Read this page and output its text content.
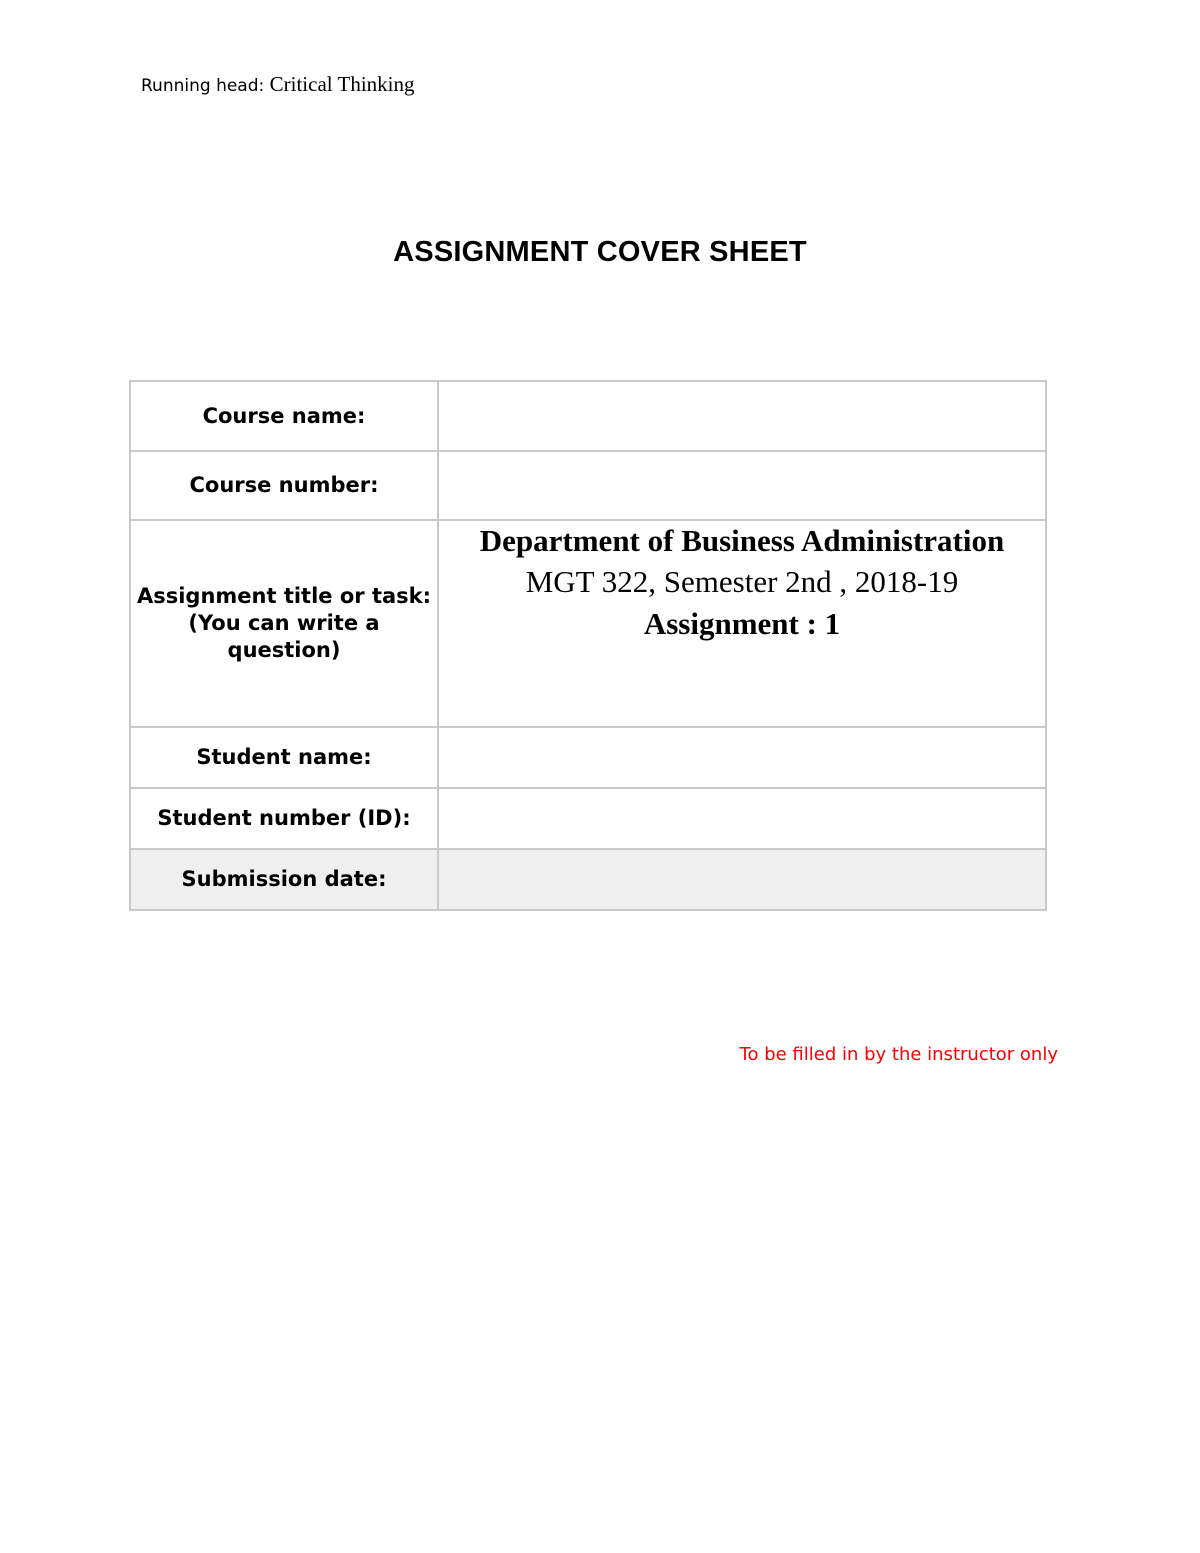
Running head: Critical Thinking
ASSIGNMENT COVER SHEET
Course name:	
Course number:	

Assignment title or task:
(You can write a question)	Department of Business Administration
MGT 322, Semester 2nd , 2018-19
Assignment : 1

Student name:	
Student number (ID):	
Submission date:	
To be filled in by the instructor only
